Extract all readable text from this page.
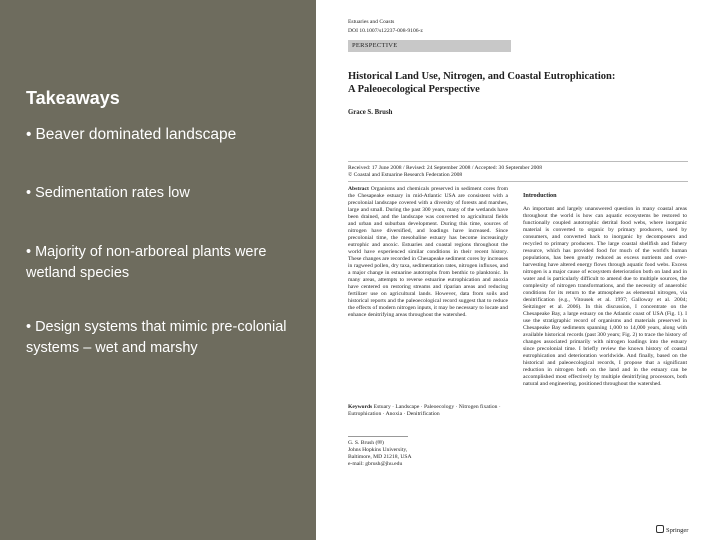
Takeaways
• Beaver dominated landscape
• Sedimentation rates low
• Majority of non-arboreal plants were wetland species
• Design systems that mimic pre-colonial systems – wet and marshy
Estuaries and Coasts
DOI 10.1007/s12237-008-9106-z
PERSPECTIVE
Historical Land Use, Nitrogen, and Coastal Eutrophication:
A Paleoecological Perspective
Grace S. Brush
Received: 17 June 2008 / Revised: 24 September 2008 / Accepted: 30 September 2008
© Coastal and Estuarine Research Federation 2008
Abstract Organisms and chemicals preserved in sediment cores from the Chesapeake estuary in mid-Atlantic USA are consistent with a precolonial landscape covered with a diversity of forests and marshes, large and small. During the past 300 years, many of the wetlands have been drained, and the landscape was converted to agricultural fields and urban and suburban development. During this time, sources of nitrogen have diversified, and loadings have increased. Since precolonial time, the mesohaline estuary has become increasingly eutrophic and anoxic. Estuaries and coastal regions throughout the world have experienced similar conditions in their recent history. These changes are recorded in Chesapeake sediment cores by increases in ragweed pollen, dry taxa, sedimentation rates, nitrogen influxes, and a major change in estuarine autotrophs from benthic to planktonic. In many areas, attempts to reverse estuarine eutrophication and anoxia have centered on restoring streams and riparian areas and reducing fertilizer use on agricultural lands. However, data from soils and historical reports and the paleoecological record suggest that to reduce the effects of modern nitrogen inputs, it may be necessary to locate and enhance denitrifying areas throughout the watershed.
Keywords Estuary · Landscape · Paleoecology · Nitrogen fixation · Eutrophication · Anoxia · Denitrification
G. S. Brush (✉)
Johns Hopkins University,
Baltimore, MD 21218, USA
e-mail: gbrush@jhu.edu
Introduction
An important and largely unanswered question in many coastal areas throughout the world is how can aquatic ecosystems be restored to functionally coupled autotrophic detrital food webs, where inorganic material is converted to organic by primary producers, used by consumers, and converted back to inorganic by decomposers and recycled to primary producers. The large coastal shellfish and fishery resource, which has provided food for much of the world's human populations, has been greatly reduced as excess nutrients and over-harvesting have altered energy flows through aquatic food webs. Excess nitrogen is a major cause of ecosystem deterioration both on land and in water and is particularly difficult to amend due to multiple sources, the complexity of nitrogen transformations, and the necessity of anaerobic conditions for its return to the atmosphere as elemental nitrogen, via denitrification (e.g., Vitousek et al. 1997; Galloway et al. 2004; Seitzinger et al. 2006). In this discussion, I concentrate on the Chesapeake Bay, a large estuary on the Atlantic coast of USA (Fig. 1). I use the stratigraphic record of organisms and materials preserved in Chesapeake Bay sediments spanning 1,000 to 14,000 years, along with available historical records (past 300 years; Fig. 2) to trace the history of changes associated primarily with nitrogen loadings into the estuary since precolonial time. I briefly review the known history of coastal eutrophication and deterioration worldwide. And finally, based on the historical and paleoecological records, I propose that a significant reduction in nitrogen both on the land and in the estuary can be accomplished most effectively by multiple denitrifying processors, both natural and engineering, positioned throughout the watershed.
Springer
